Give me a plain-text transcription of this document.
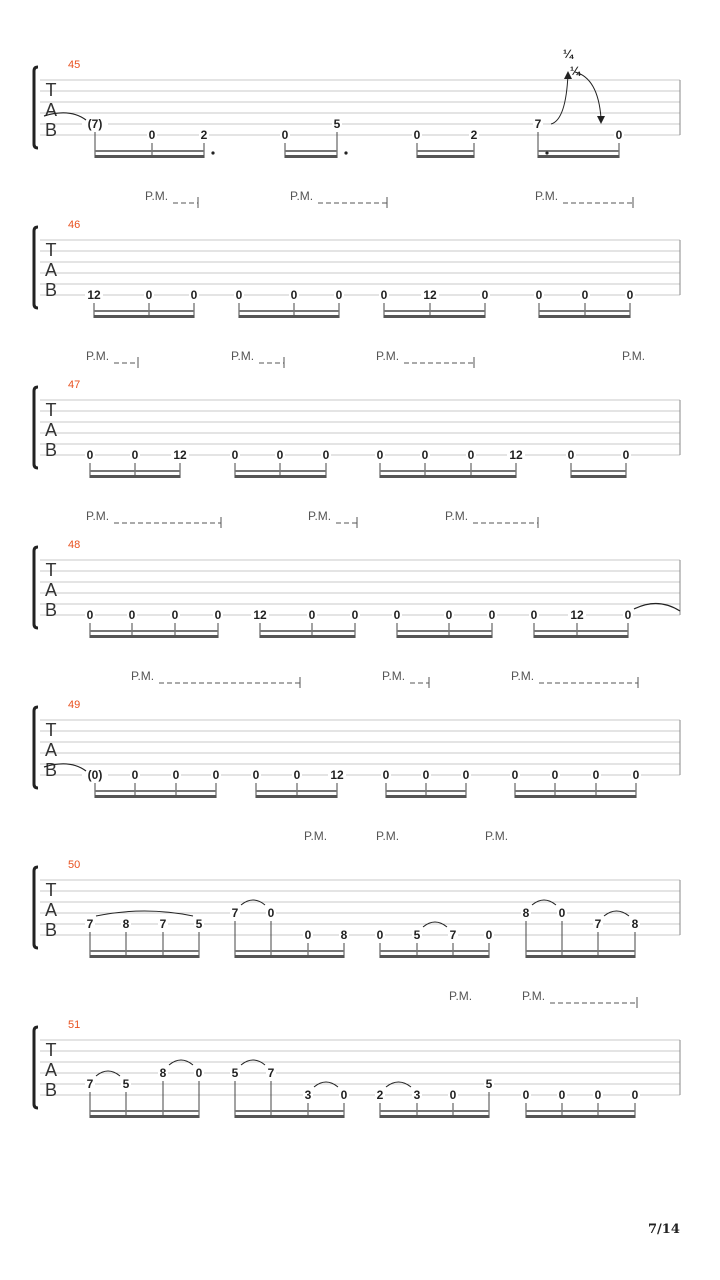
T
A
B
45
(7)
0	2	0
5
0	2
7
0
T
A
B
46
P.M.	P.M.	P.M.
12	0	0	0	0	0	0	12	0	0	0	0
T
A
B
47
P.M.	P.M.	P.M.	P.M.
0	0	12	0	0	0	0	0	0	12	0	0
T
A
B
48
P.M.	P.M.	P.M.
0	0	0	0	12	0	0	0	0	0	0	12	0
T
A
B
49
P.M.	P.M.	P.M.
(0) 0	0	0	0	0 12	0	0	0	0	0	0	0
T
A
B
50
P.M.	P.M.	P.M.
7 8	7 5
7 0
0 8 0	5 7 0
8 0
7	8
T
A
B
51
P.M.	P.M.
7 5
8 0 5 7
3 0 2	3 0
5
0 0 0	0
¼
¼
7/14
